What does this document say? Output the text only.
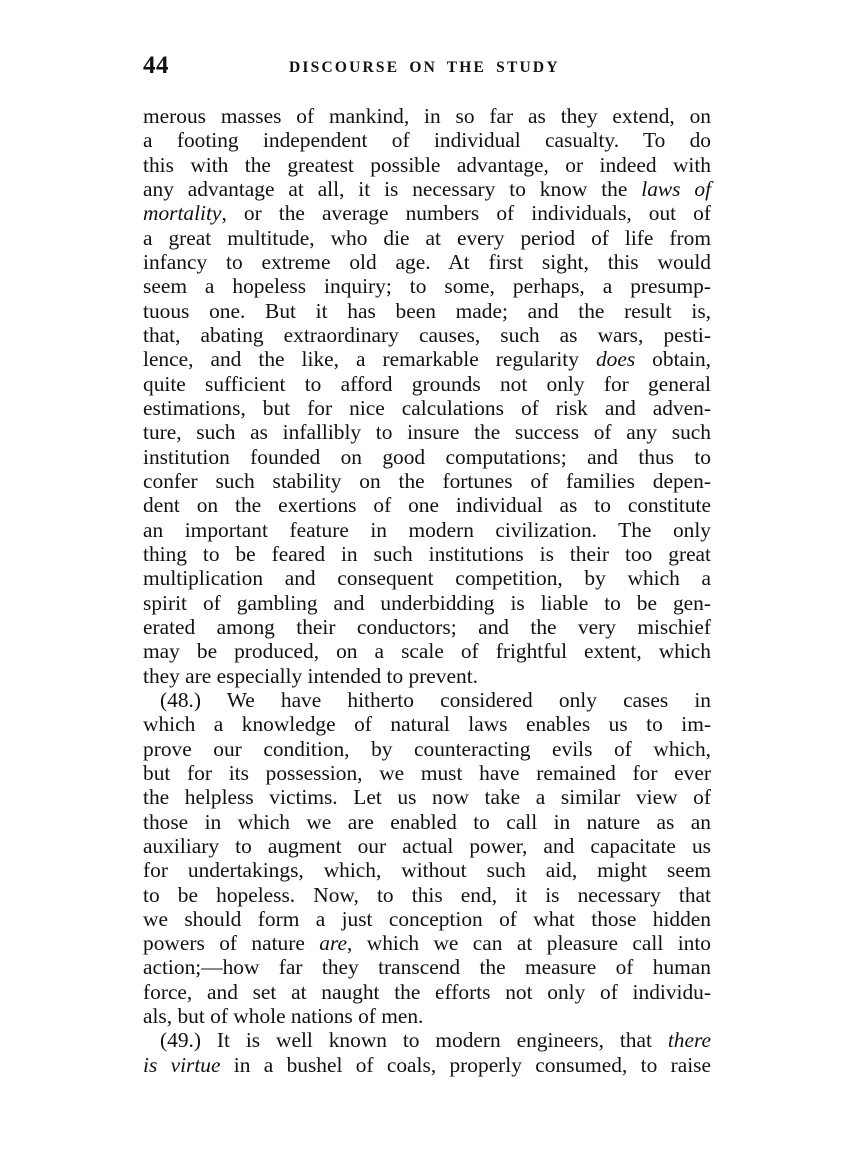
44	DISCOURSE ON THE STUDY
merous masses of mankind, in so far as they extend, on
a footing independent of individual casualty. To do
this with the greatest possible advantage, or indeed with
any advantage at all, it is necessary to know the laws of
mortality, or the average numbers of individuals, out of
a great multitude, who die at every period of life from
infancy to extreme old age. At first sight, this would
seem a hopeless inquiry; to some, perhaps, a presump-
tuous one. But it has been made; and the result is,
that, abating extraordinary causes, such as wars, pesti-
lence, and the like, a remarkable regularity does obtain,
quite sufficient to afford grounds not only for general
estimations, but for nice calculations of risk and adven-
ture, such as infallibly to insure the success of any such
institution founded on good computations; and thus to
confer such stability on the fortunes of families depen-
dent on the exertions of one individual as to constitute
an important feature in modern civilization. The only
thing to be feared in such institutions is their too great
multiplication and consequent competition, by which a
spirit of gambling and underbidding is liable to be gen-
erated among their conductors; and the very mischief
may be produced, on a scale of frightful extent, which
they are especially intended to prevent.
(48.) We have hitherto considered only cases in
which a knowledge of natural laws enables us to im-
prove our condition, by counteracting evils of which,
but for its possession, we must have remained for ever
the helpless victims. Let us now take a similar view of
those in which we are enabled to call in nature as an
auxiliary to augment our actual power, and capacitate us
for undertakings, which, without such aid, might seem
to be hopeless. Now, to this end, it is necessary that
we should form a just conception of what those hidden
powers of nature are, which we can at pleasure call into
action;—how far they transcend the measure of human
force, and set at naught the efforts not only of individu-
als, but of whole nations of men.
(49.) It is well known to modern engineers, that there
is virtue in a bushel of coals, properly consumed, to raise
